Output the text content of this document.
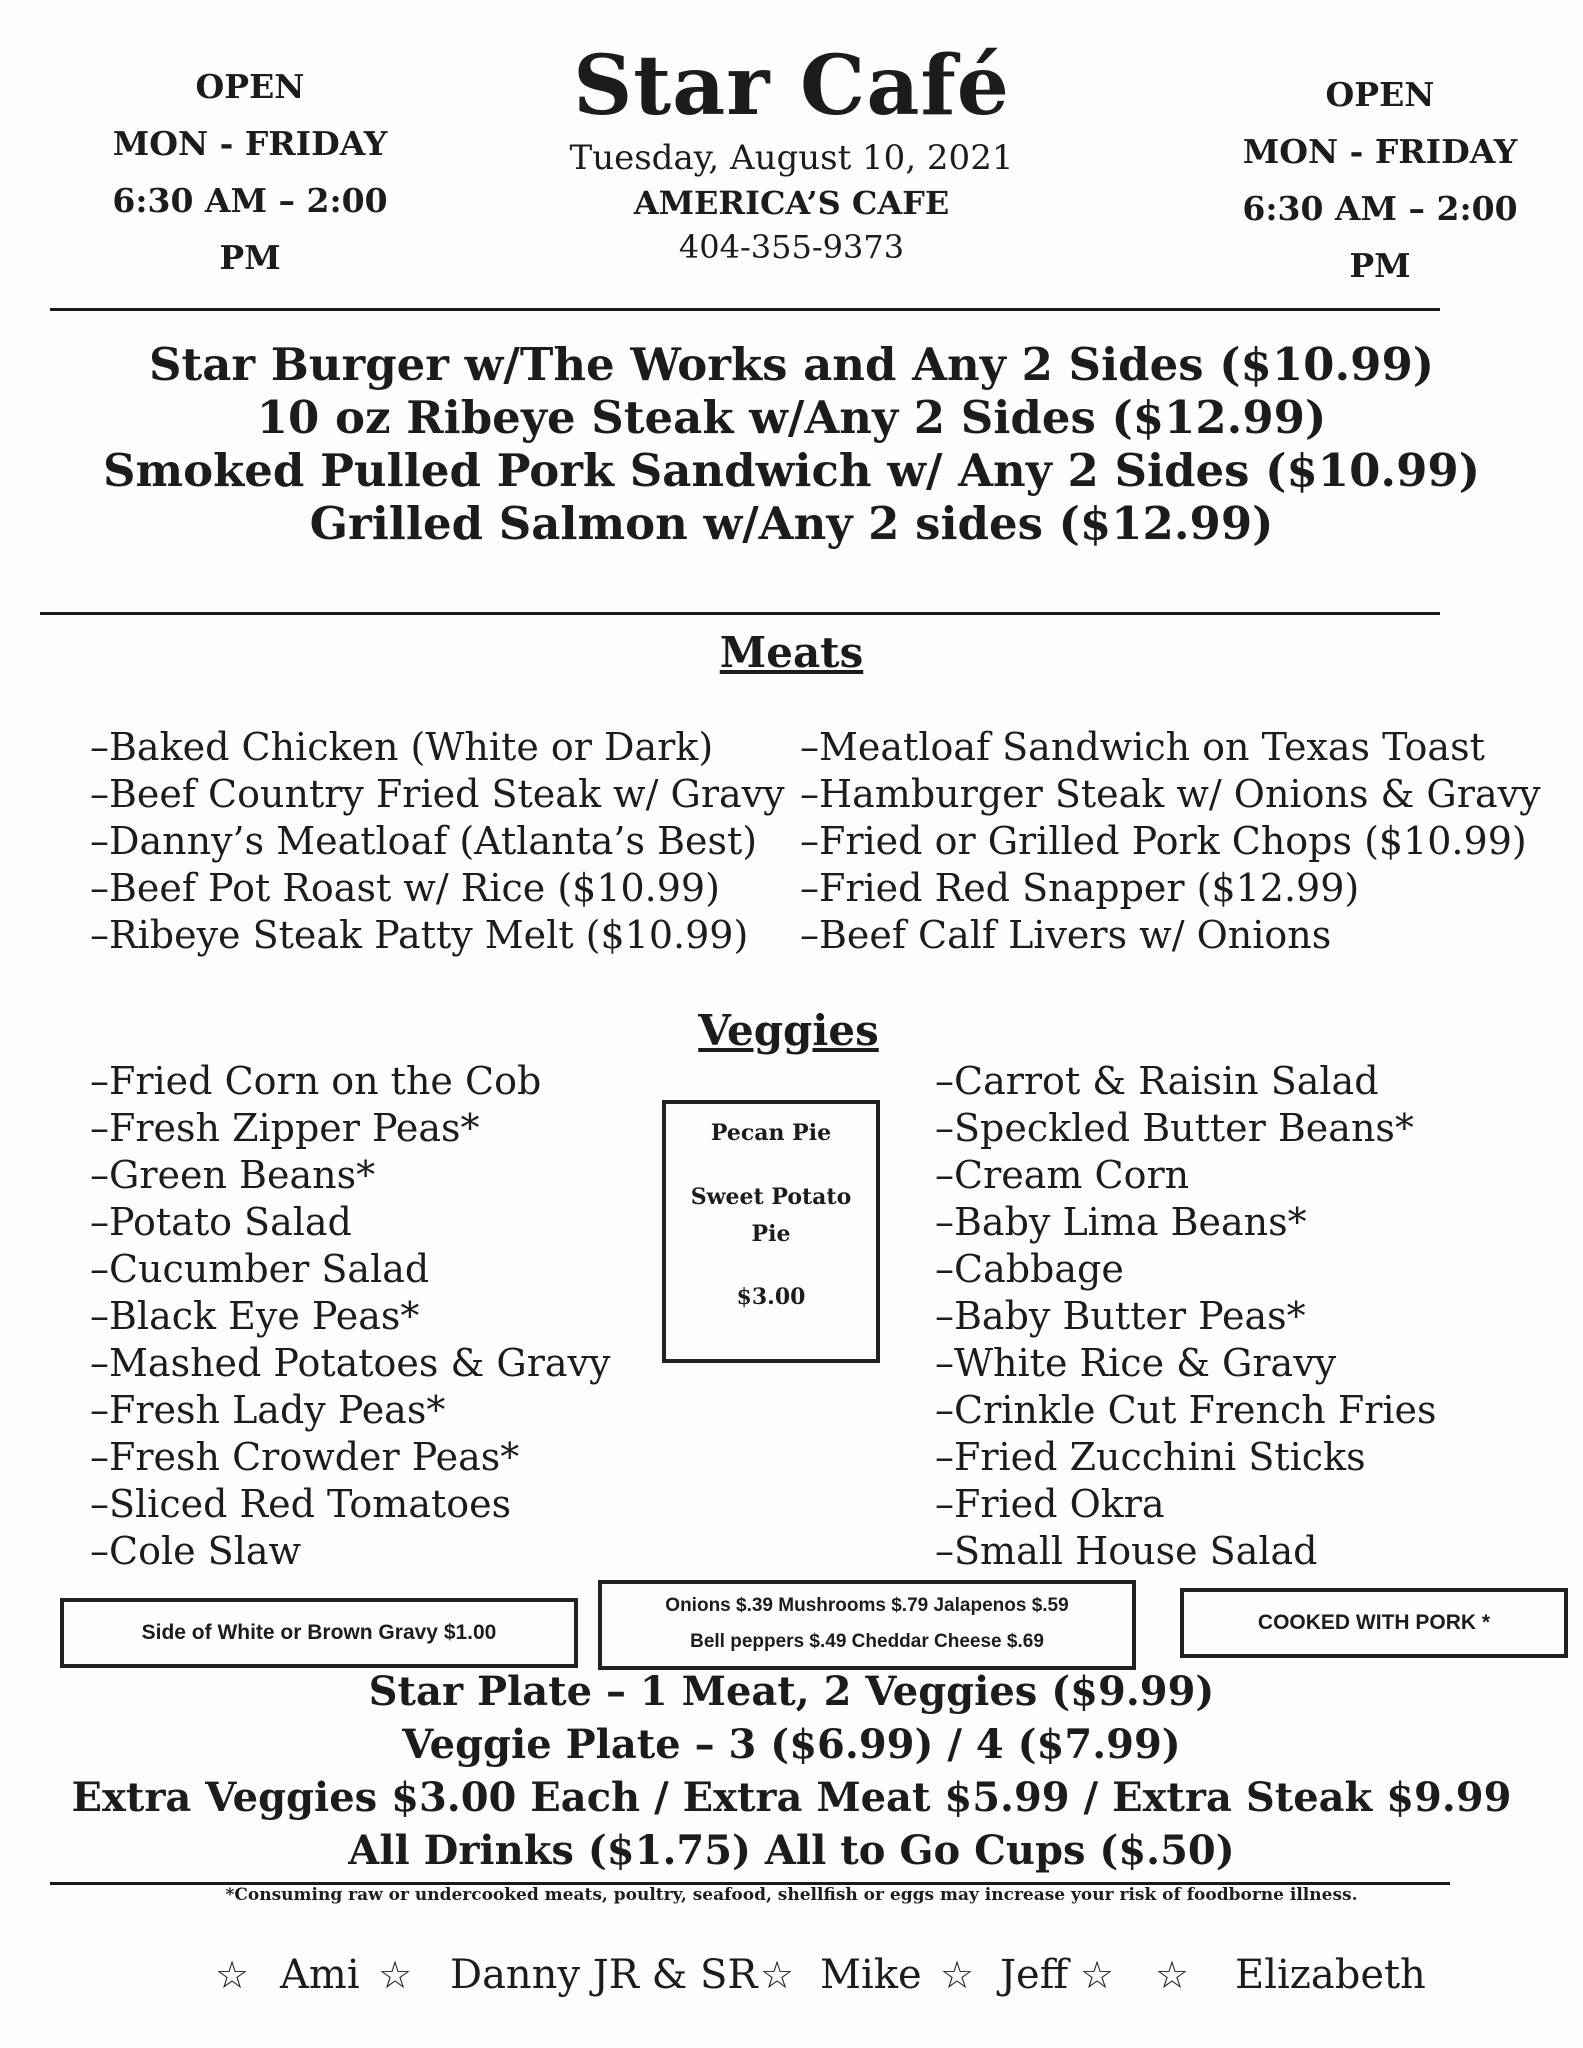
OPEN
MON - FRIDAY
6:30 AM – 2:00 PM
OPEN
MON - FRIDAY
6:30 AM – 2:00 PM
Star Café
Tuesday, August 10, 2021
AMERICA’S CAFE
404-355-9373
Star Burger w/The Works and Any 2 Sides ($10.99)
10 oz Ribeye Steak w/Any 2 Sides ($12.99)
Smoked Pulled Pork Sandwich w/ Any 2 Sides ($10.99)
Grilled Salmon w/Any 2 sides ($12.99)
Meats
– Baked Chicken (White or Dark)
– Beef Country Fried Steak w/ Gravy
– Danny’s Meatloaf (Atlanta’s Best)
– Beef Pot Roast w/ Rice ($10.99)
– Ribeye Steak Patty Melt ($10.99)
– Meatloaf Sandwich on Texas Toast
– Hamburger Steak w/ Onions & Gravy
– Fried or Grilled Pork Chops ($10.99)
– Fried Red Snapper ($12.99)
– Beef Calf Livers w/ Onions
Veggies
– Fried Corn on the Cob
– Fresh Zipper Peas*
– Green Beans*
– Potato Salad
– Cucumber Salad
– Black Eye Peas*
– Mashed Potatoes & Gravy
– Fresh Lady Peas*
– Fresh Crowder Peas*
– Sliced Red Tomatoes
– Cole Slaw
Pecan Pie
Sweet Potato
Pie
$3.00
– Carrot & Raisin Salad
– Speckled Butter Beans*
– Cream Corn
– Baby Lima Beans*
– Cabbage
– Baby Butter Peas*
– White Rice & Gravy
– Crinkle Cut French Fries
– Fried Zucchini Sticks
– Fried Okra
– Small House Salad
Side of White or Brown Gravy $1.00
Onions $.39 Mushrooms $.79 Jalapenos $.59
Bell peppers $.49 Cheddar Cheese $.69
COOKED WITH PORK *
Star Plate – 1 Meat, 2 Veggies ($9.99)
Veggie Plate – 3 ($6.99) / 4 ($7.99)
Extra Veggies $3.00 Each / Extra Meat $5.99 / Extra Steak $9.99
All Drinks ($1.75) All to Go Cups ($.50)
*Consuming raw or undercooked meats, poultry, seafood, shellfish or eggs may increase your risk of foodborne illness.
☆ Ami ☆ Danny JR & SR ☆ Mike ☆ Jeff ☆ ☆ Elizabeth
